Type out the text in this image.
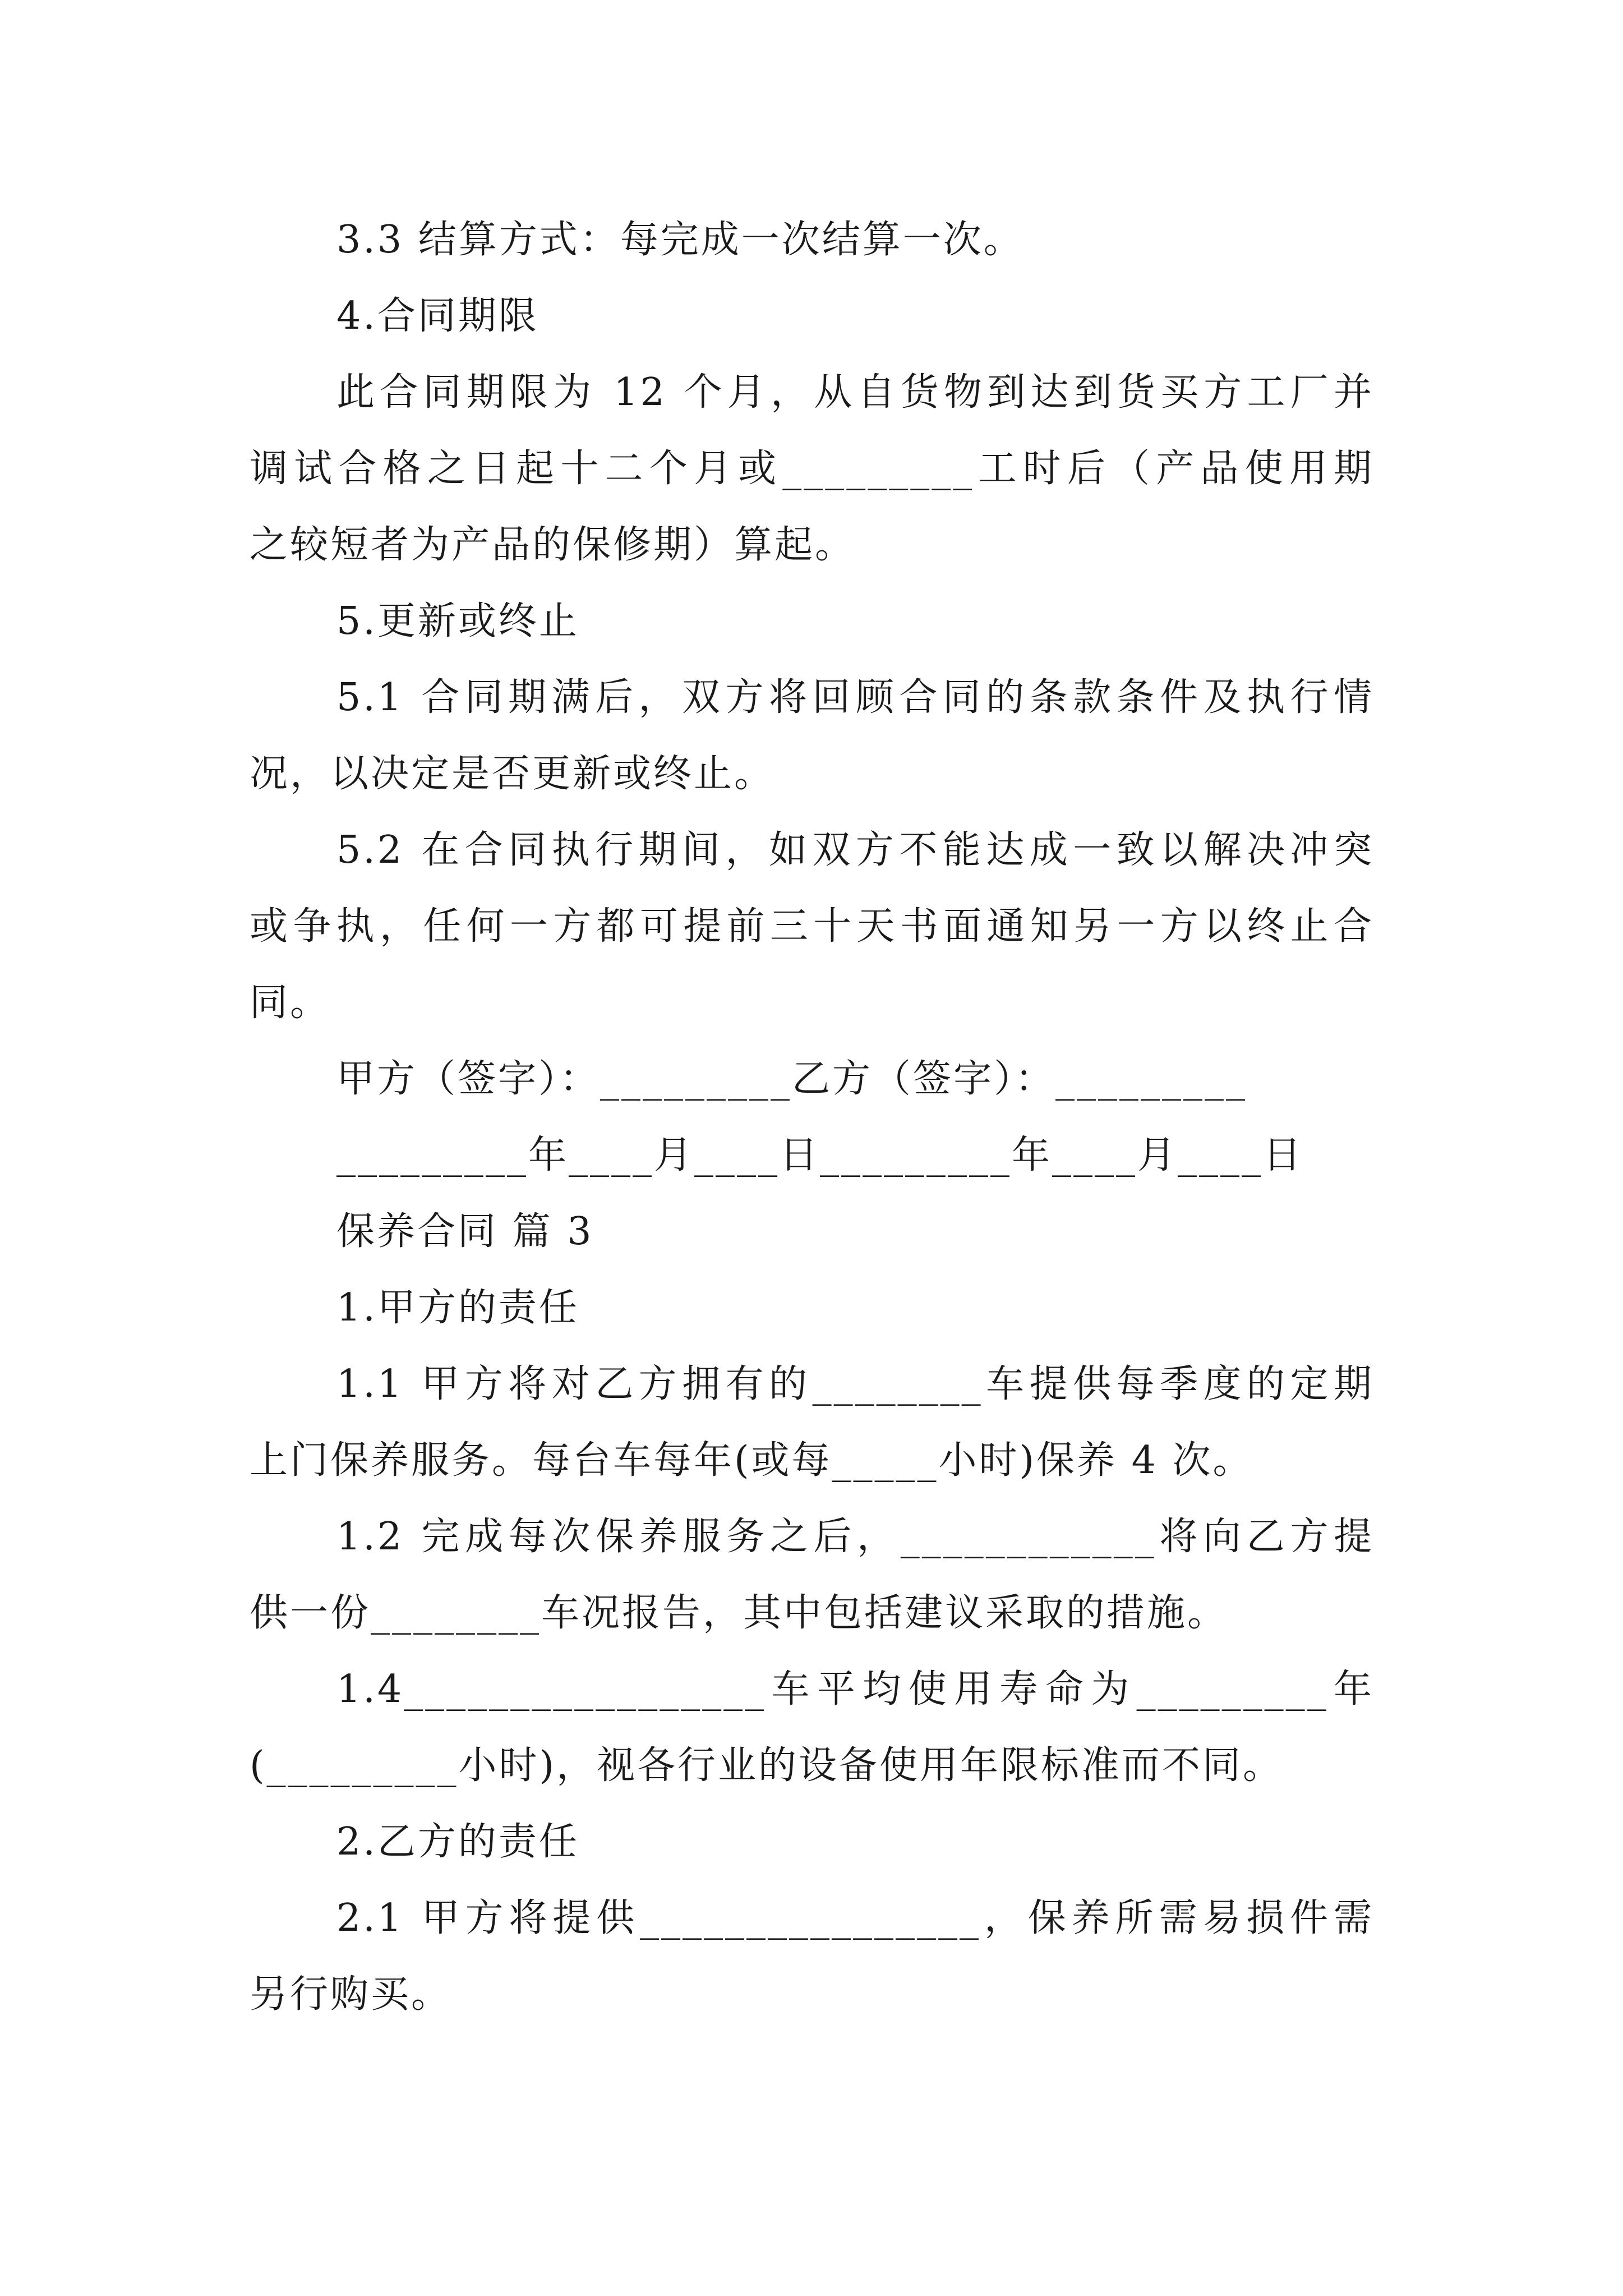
3.3 结算方式：每完成一次结算一次。

4.合同期限

此合同期限为 12 个月，从自货物到达到货买方工厂并

调试合格之日起十二个月或_________工时后（产品使用期

之较短者为产品的保修期）算起。

5.更新或终止

5.1 合同期满后，双方将回顾合同的条款条件及执行情

况，以决定是否更新或终止。

5.2 在合同执行期间，如双方不能达成一致以解决冲突

或争执，任何一方都可提前三十天书面通知另一方以终止合

同。

甲方（签字）：_________乙方（签字）：_________

_________年____月____日_________年____月____日

保养合同 篇 3

1.甲方的责任

1.1 甲方将对乙方拥有的________车提供每季度的定期

上门保养服务。每台车每年(或每_____小时)保养 4 次。

1.2 完成每次保养服务之后，____________将向乙方提

供一份________车况报告，其中包括建议采取的措施。

1.4_________________车平均使用寿命为_________年

(_________小时)，视各行业的设备使用年限标准而不同。

2.乙方的责任

2.1 甲方将提供________________，保养所需易损件需

另行购买。
